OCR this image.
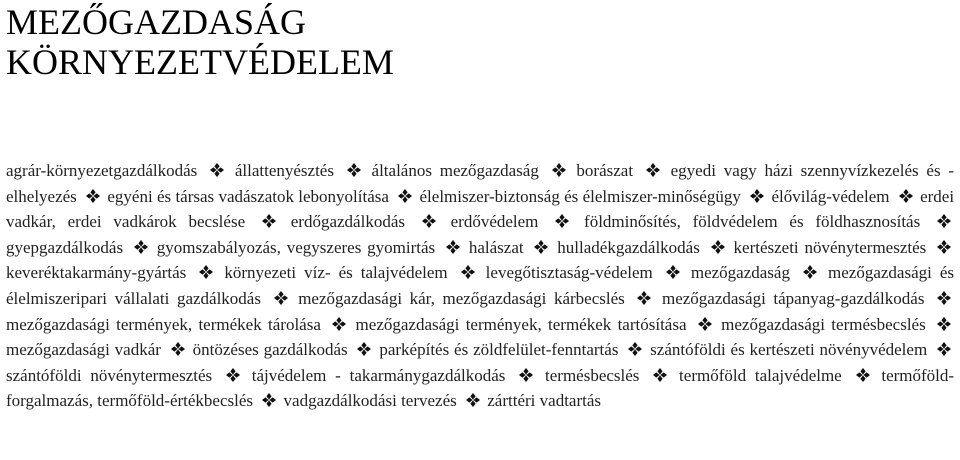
MEZŐGAZDASÁG
KÖRNYEZETVÉDELEM

agrár-környezetgazdálkodás állattenyésztés általános mezőgazdaság borászat egyedi vagy házi szennyvízkezelés és -elhelyezés egyéni és társas vadászatok lebonyolítása élelmiszer-biztonság és élelmiszer-minőségügy élővilág-védelem erdei vadkár, erdei vadkárok becslése	erdőgazdálkodás	erdővédelem	földminősítés, földvédelem és földhasznosítás
gyepgazdálkodás gyomszabályozás, vegyszeres gyomirtás halászat hulladékgazdálkodás kertészeti növénytermesztés
keveréktakarmány-gyártás környezeti víz- és talajvédelem levegőtisztaság-védelem mezőgazdaság mezőgazdasági és élelmiszeripari vállalati gazdálkodás mezőgazdasági kár, mezőgazdasági kárbecslés mezőgazdasági tápanyag-gazdálkodás
mezőgazdasági termények, termékek tárolása mezőgazdasági termények, termékek tartósítása mezőgazdasági termésbecslés
mezőgazdasági vadkár öntözéses gazdálkodás parképítés és zöldfelület-fenntartás szántóföldi és kertészeti növényvédelem
szántóföldi növénytermesztés tájvédelem - takarmánygazdálkodás termésbecslés termőföld talajvédelme termőföld-forgalmazás, termőföld-értékbecslés vadgazdálkodási tervezés zárttéri vadtartás
